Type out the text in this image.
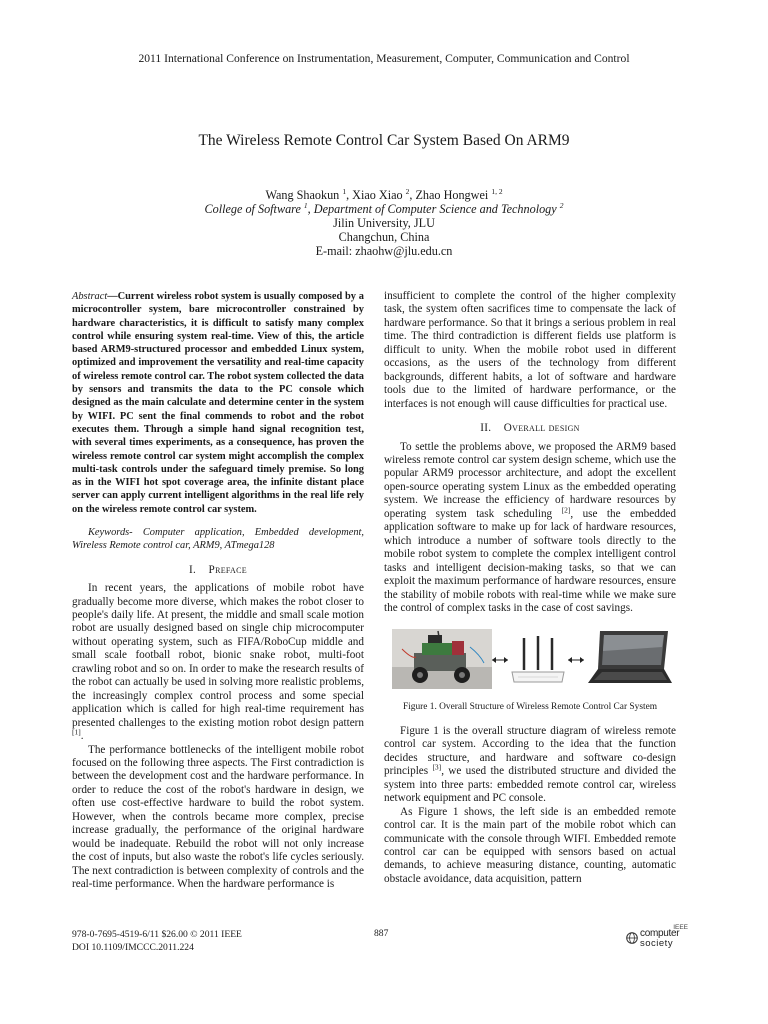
2011 International Conference on Instrumentation, Measurement, Computer, Communication and Control
The Wireless Remote Control Car System Based On ARM9
Wang Shaokun $^1$, Xiao Xiao $^2$, Zhao Hongwei $^{1, 2}$
College of Software $^1$, Department of Computer Science and Technology $^2$
Jilin University, JLU
Changchun, China
E-mail: zhaohw@jlu.edu.cn

Abstract—Current wireless robot system is usually composed by a microcontroller system, bare microcontroller constrained by hardware characteristics, it is difficult to satisfy many complex control while ensuring system real-time. View of this, the article based ARM9-structured processor and embedded Linux system, optimized and improvement the versatility and real-time capacity of wireless remote control car. The robot system collected the data by sensors and transmits the data to the PC console which designed as the main calculate and determine center in the system by WIFI. PC sent the final commends to robot and the robot executes them. Through a simple hand signal recognition test, with several times experiments, as a consequence, has proven the wireless remote control car system might accomplish the complex multi-task controls under the safeguard timely premise. So long as in the WIFI hot spot coverage area, the infinite distant place server can apply current intelligent algorithms in the real life rely on the wireless remote control car system.

Keywords- Computer application, Embedded development, Wireless Remote control car, ARM9, ATmega128

I. Preface

In recent years, the applications of mobile robot have gradually become more diverse, which makes the robot closer to people's daily life. At present, the middle and small scale motion robot are usually designed based on single chip microcomputer without operating system, such as FIFA/RoboCup middle and small scale football robot, bionic snake robot, multi-foot crawling robot and so on. In order to make the research results of the robot can actually be used in solving more realistic problems, the increasingly complex control process and some special application which is called for high real-time requirement has presented challenges to the existing motion robot design pattern [1].

The performance bottlenecks of the intelligent mobile robot focused on the following three aspects. The First contradiction is between the development cost and the hardware performance. In order to reduce the cost of the robot's hardware in design, we often use cost-effective hardware to build the robot system. However, when the controls became more complex, precise increase gradually, the performance of the original hardware would be inadequate. Rebuild the robot will not only increase the cost of inputs, but also waste the robot's life cycles seriously. The next contradiction is between complexity of controls and the real-time performance. When the hardware performance is

insufficient to complete the control of the higher complexity task, the system often sacrifices time to compensate the lack of hardware performance. So that it brings a serious problem in real time. The third contradiction is different fields use platform is difficult to unity. When the mobile robot used in different occasions, as the users of the technology from different backgrounds, different habits, a lot of software and hardware tools due to the limited of hardware performance, or the interfaces is not enough will cause difficulties for practical use.

II. Overall design

To settle the problems above, we proposed the ARM9 based wireless remote control car system design scheme, which use the popular ARM9 processor architecture, and adopt the excellent open-source operating system Linux as the embedded operating system. We increase the efficiency of hardware resources by operating system task scheduling [2], use the embedded application software to make up for lack of hardware resources, which introduce a number of software tools directly to the mobile robot system to complete the complex intelligent control tasks and intelligent decision-making tasks, so that we can exploit the maximum performance of hardware resources, ensure the stability of mobile robots with real-time while we make sure the control of complex tasks in the case of cost savings.

Figure 1. Overall Structure of Wireless Remote Control Car System

Figure 1 is the overall structure diagram of wireless remote control car system. According to the idea that the function decides structure, and hardware and software co-design principles [3], we used the distributed structure and divided the system into three parts: embedded remote control car, wireless network equipment and PC console.

As Figure 1 shows, the left side is an embedded remote control car. It is the main part of the mobile robot which can communicate with the console through WIFI. Embedded remote control car can be equipped with sensors based on actual demands, to achieve measuring distance, counting, automatic obstacle avoidance, data acquisition, pattern

978-0-7695-4519-6/11 $26.00 © 2011 IEEE
DOI 10.1109/IMCCC.2011.224
887
IEEE
computer
society
